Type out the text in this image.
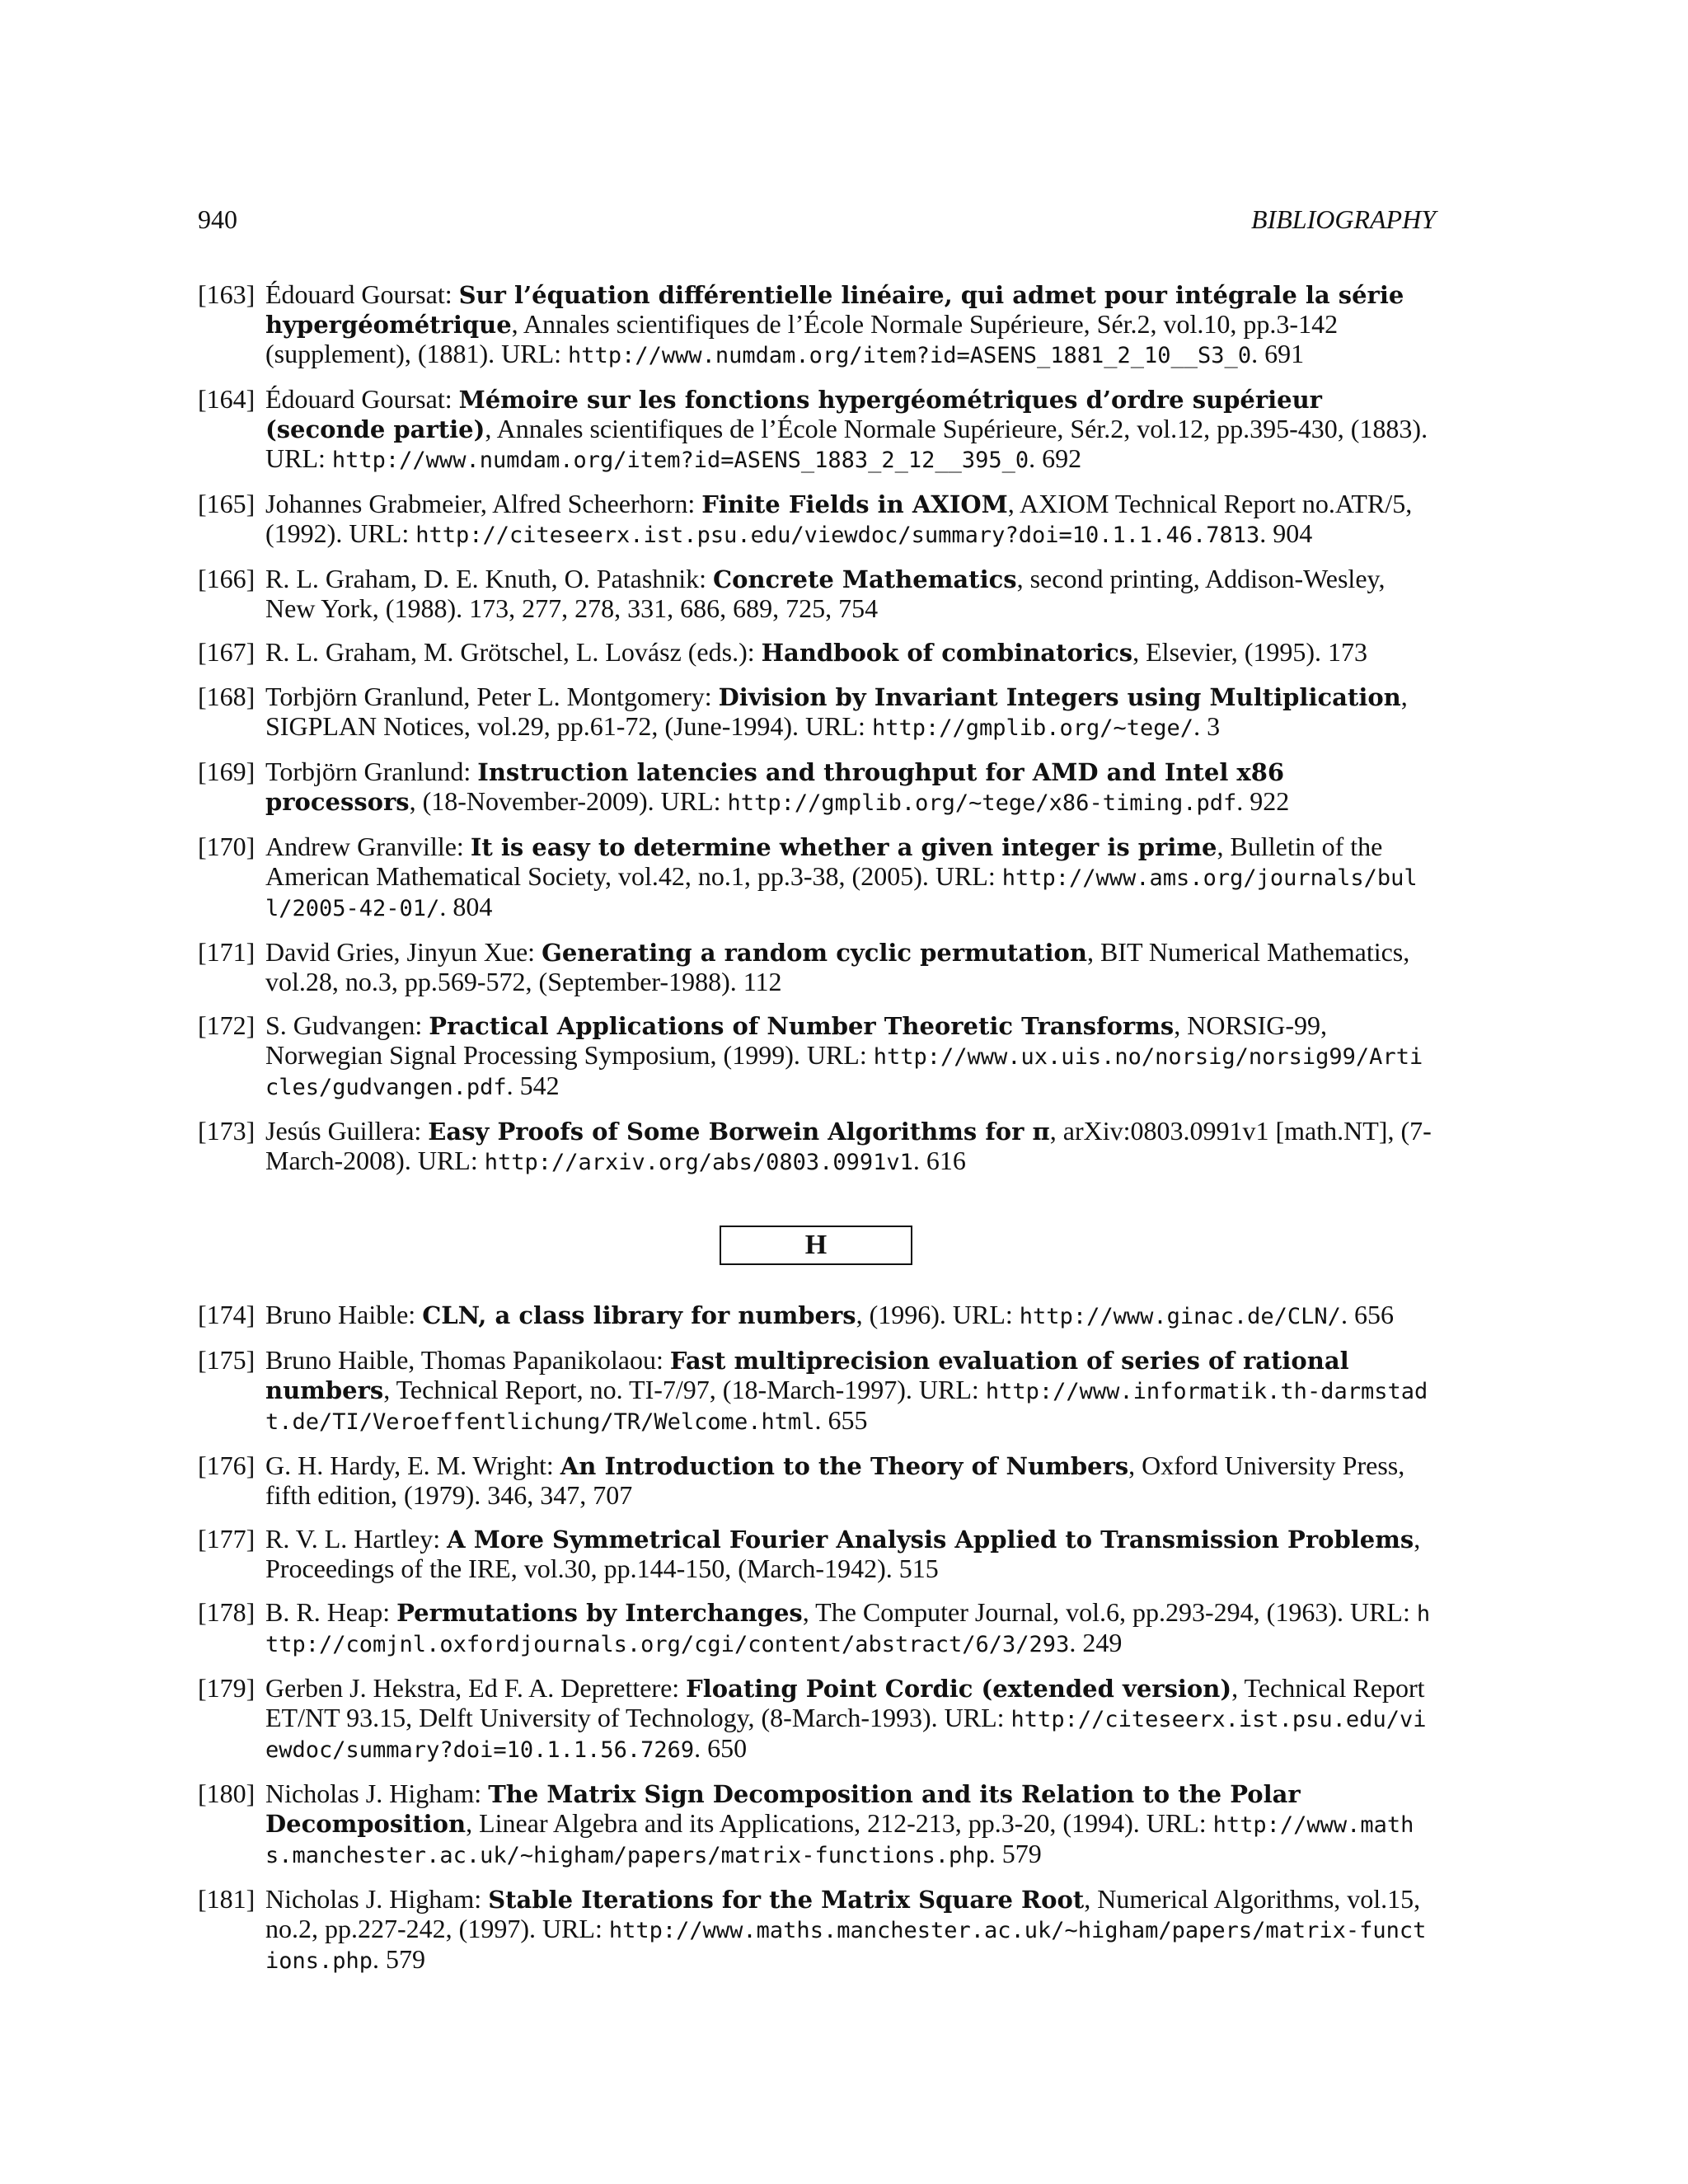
940	BIBLIOGRAPHY
[163] Édouard Goursat: Sur l’équation différentielle linéaire, qui admet pour intégrale la série hypergéométrique, Annales scientifiques de l’École Normale Supérieure, Sér.2, vol.10, pp.3-142 (supplement), (1881). URL: http://www.numdam.org/item?id=ASENS_1881_2_10__S3_0. 691
[164] Édouard Goursat: Mémoire sur les fonctions hypergéométriques d’ordre supérieur (seconde partie), Annales scientifiques de l’École Normale Supérieure, Sér.2, vol.12, pp.395-430, (1883). URL: http://www.numdam.org/item?id=ASENS_1883_2_12__395_0. 692
[165] Johannes Grabmeier, Alfred Scheerhorn: Finite Fields in AXIOM, AXIOM Technical Report no.ATR/5, (1992). URL: http://citeseerx.ist.psu.edu/viewdoc/summary?doi=10.1.1.46.7813. 904
[166] R. L. Graham, D. E. Knuth, O. Patashnik: Concrete Mathematics, second printing, Addison-Wesley, New York, (1988). 173, 277, 278, 331, 686, 689, 725, 754
[167] R. L. Graham, M. Grötschel, L. Lovász (eds.): Handbook of combinatorics, Elsevier, (1995). 173
[168] Torbjörn Granlund, Peter L. Montgomery: Division by Invariant Integers using Multiplication, SIGPLAN Notices, vol.29, pp.61-72, (June-1994). URL: http://gmplib.org/~tege/. 3
[169] Torbjörn Granlund: Instruction latencies and throughput for AMD and Intel x86 processors, (18-November-2009). URL: http://gmplib.org/~tege/x86-timing.pdf. 922
[170] Andrew Granville: It is easy to determine whether a given integer is prime, Bulletin of the American Mathematical Society, vol.42, no.1, pp.3-38, (2005). URL: http://www.ams.org/journals/bull/2005-42-01/. 804
[171] David Gries, Jinyun Xue: Generating a random cyclic permutation, BIT Numerical Mathematics, vol.28, no.3, pp.569-572, (September-1988). 112
[172] S. Gudvangen: Practical Applications of Number Theoretic Transforms, NORSIG-99, Norwegian Signal Processing Symposium, (1999). URL: http://www.ux.uis.no/norsig/norsig99/Articles/gudvangen.pdf. 542
[173] Jesús Guillera: Easy Proofs of Some Borwein Algorithms for π, arXiv:0803.0991v1 [math.NT], (7-March-2008). URL: http://arxiv.org/abs/0803.0991v1. 616
H
[174] Bruno Haible: CLN, a class library for numbers, (1996). URL: http://www.ginac.de/CLN/. 656
[175] Bruno Haible, Thomas Papanikolaou: Fast multiprecision evaluation of series of rational numbers, Technical Report, no. TI-7/97, (18-March-1997). URL: http://www.informatik.th-darmstadt.de/TI/Veroeffentlichung/TR/Welcome.html. 655
[176] G. H. Hardy, E. M. Wright: An Introduction to the Theory of Numbers, Oxford University Press, fifth edition, (1979). 346, 347, 707
[177] R. V. L. Hartley: A More Symmetrical Fourier Analysis Applied to Transmission Problems, Proceedings of the IRE, vol.30, pp.144-150, (March-1942). 515
[178] B. R. Heap: Permutations by Interchanges, The Computer Journal, vol.6, pp.293-294, (1963). URL: http://comjnl.oxfordjournals.org/cgi/content/abstract/6/3/293. 249
[179] Gerben J. Hekstra, Ed F. A. Deprettere: Floating Point Cordic (extended version), Technical Report ET/NT 93.15, Delft University of Technology, (8-March-1993). URL: http://citeseerx.ist.psu.edu/viewdoc/summary?doi=10.1.1.56.7269. 650
[180] Nicholas J. Higham: The Matrix Sign Decomposition and its Relation to the Polar Decomposition, Linear Algebra and its Applications, 212-213, pp.3-20, (1994). URL: http://www.maths.manchester.ac.uk/~higham/papers/matrix-functions.php. 579
[181] Nicholas J. Higham: Stable Iterations for the Matrix Square Root, Numerical Algorithms, vol.15, no.2, pp.227-242, (1997). URL: http://www.maths.manchester.ac.uk/~higham/papers/matrix-functions.php. 579
